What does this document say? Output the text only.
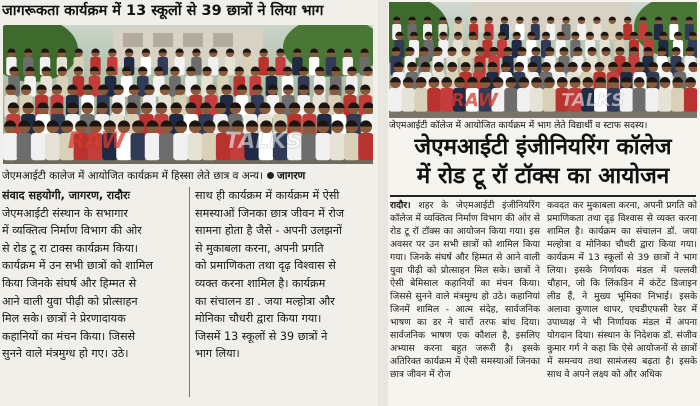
जागरूकता कार्यक्रम में 13 स्कूलों से 39 छात्रों ने लिया भाग
RAW	TALKS
जेएमआईटी कालेज में आयोजित कार्यक्रम में हिस्सा लेते छात्र व अन्य। जागरण

संवाद सहयोगी, जागरण, रादौरः

जेएमआईटी संस्थान के सभागार
में व्यक्तित्व निर्माण विभाग की ओर
से रोड टू रा टाक्स कार्यक्रम किया।
कार्यक्रम में उन सभी छात्रों को शामिल
किया जिनके संघर्ष और हिम्मत से
आने वाली युवा पीढ़ी को प्रोत्साहन
मिल सके। छात्रों ने प्रेरणादायक
कहानियों का मंचन किया। जिससे
सुनने वाले मंत्रमुग्ध हो गए। उठे।
साथ ही कार्यक्रम में कार्यक्रम में ऐसी
समस्याओं जिनका छात्र जीवन में रोज
सामना होता है जैसे - अपनी उलझनों
से मुकाबला करना, अपनी प्रगति
को प्रमाणिकता तथा दृढ़ विश्वास से
व्यक्त करना शामिल है। कार्यक्रम
का संचालन डा . जया मल्होत्रा और
मोनिका चौधरी द्वारा किया गया।
जिसमें 13 स्कूलों से 39 छात्रों ने
भाग लिया।
RAW	TALKS
जेएमआईटी कॉलेज में आयोजित कार्यक्रम में भाग लेते विद्यार्थी व स्टाफ सदस्य।
जेएमआईटी इंजीनियरिंग कॉलेज
में रोड टू रॉ टॉक्स का आयोजन

रादौर। शहर के जेएमआईटी इंजीनियरिंग कॉलेज में व्यक्तित्व निर्माण विभाग की ओर से रोड टू रॉ टॉक्स का आयोजन किया गया। इस अवसर पर उन सभी छात्रों को शामिल किया गया। जिनके संघर्ष और हिम्मत से आने वाली युवा पीढ़ी को प्रोत्साहन मिल सके। छात्रों ने ऐसी बेमिसाल कहानियों का मंचन किया। जिससे सुनने वाले मंत्रमुग्ध हो उठे। कहानियां जिनमें शामिल - आत्म संदेह, सार्वजनिक भाषण का डर ने चारों तरफ बांध दिया। सार्वजनिक भाषण एक कौशल है, इसलिए अभ्यास करना बहुत जरूरी है। इसके अतिरिक्त कार्यक्रम में ऐसी समस्याओं जिनका छात्र जीवन में रोज

कवदत कर मुकाबला करना, अपनी प्रगति को प्रमाणिकता तथा दृढ़ विश्वास से व्यक्त करना शामिल है। कार्यक्रम का संचालन डॉ. जया मल्होत्रा व मोनिका चौधरी द्वारा किया गया। कार्यक्रम में 13 स्कूलों से 39 छात्रों ने भाग लिया। इसके निर्णायक मंडल में पल्लवी चौहान, जो कि लिंकडिन में कंटेंट डिजाइन लीड हैं, ने मुख्य भूमिका निभाई। इसके अलावा कुणाल थापर, एचडीएफसी रेडर में उपाध्यक्ष ने भी निर्णायक मंडल में अपना योगदान दिया। संस्थान के निदेशक डॉ. संजीव कुमार गर्ग ने कहा कि ऐसे आयोजनों से छात्रों में समन्वय तथा सामंजस्य बढ़ता है। इसके साथ वे अपने लक्ष्य को और अधिक
